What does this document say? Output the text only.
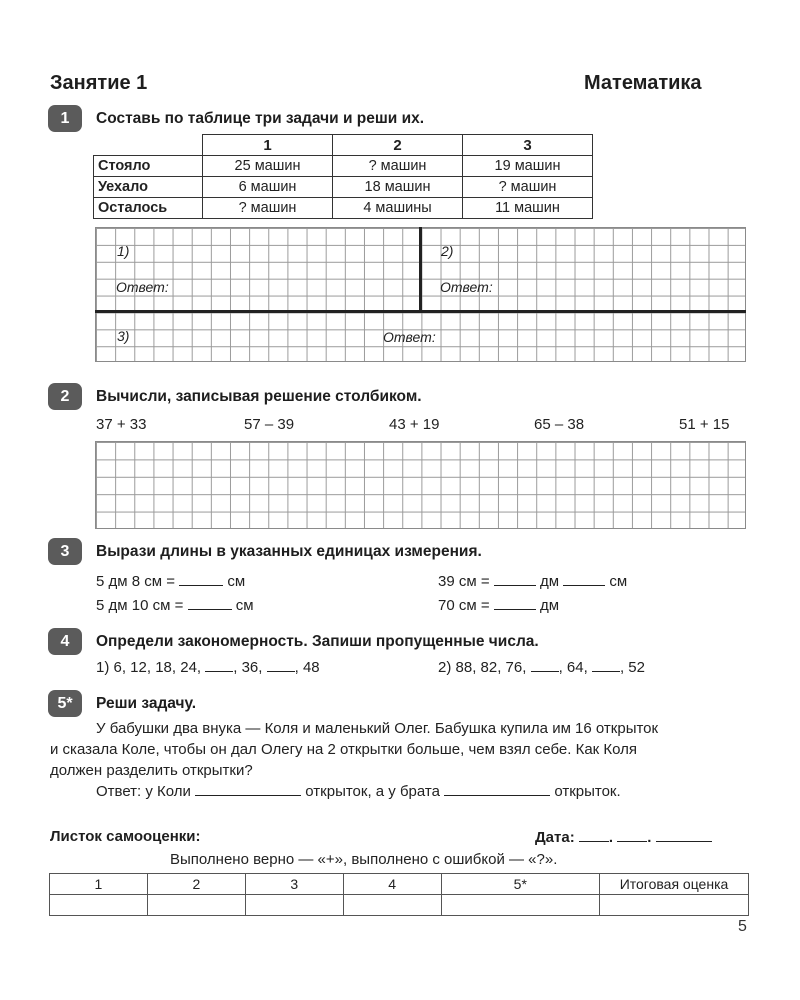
Занятие 1	Математика
1	Составь по таблице три задачи и реши их.
	1	2	3
Стояло	25 машин	? машин	19 машин
Уехало	6 машин	18 машин	? машин
Осталось	? машин	4 машины	11 машин
1)
Ответ:
2)
Ответ:
3)	Ответ:
2	Вычисли, записывая решение столбиком.
37 + 33	57 – 39	43 + 19	65 – 38	51 + 15
3	Вырази длины в указанных единицах измерения.
5 дм 8 см =	см
5 дм 10 см =	см
39 см =	дм	см
70 см =	дм
4	Определи закономерность. Запиши пропущенные числа.
1) 6, 12, 18, 24, , 36, , 48	2) 88, 82, 76, , 64, , 52
5*	Реши задачу.
У бабушки два внука — Коля и маленький Олег. Бабушка купила им 16 открыток
и сказала Коле, чтобы он дал Олегу на 2 открытки больше, чем взял себе. Как Коля
должен разделить открытки?
Ответ: у Коли	открыток, а у брата	открыток.
Листок самооценки:	Дата: . .
Выполнено верно — «+», выполнено с ошибкой — «?».
1	2	3	4	5*	Итоговая оценка

5
